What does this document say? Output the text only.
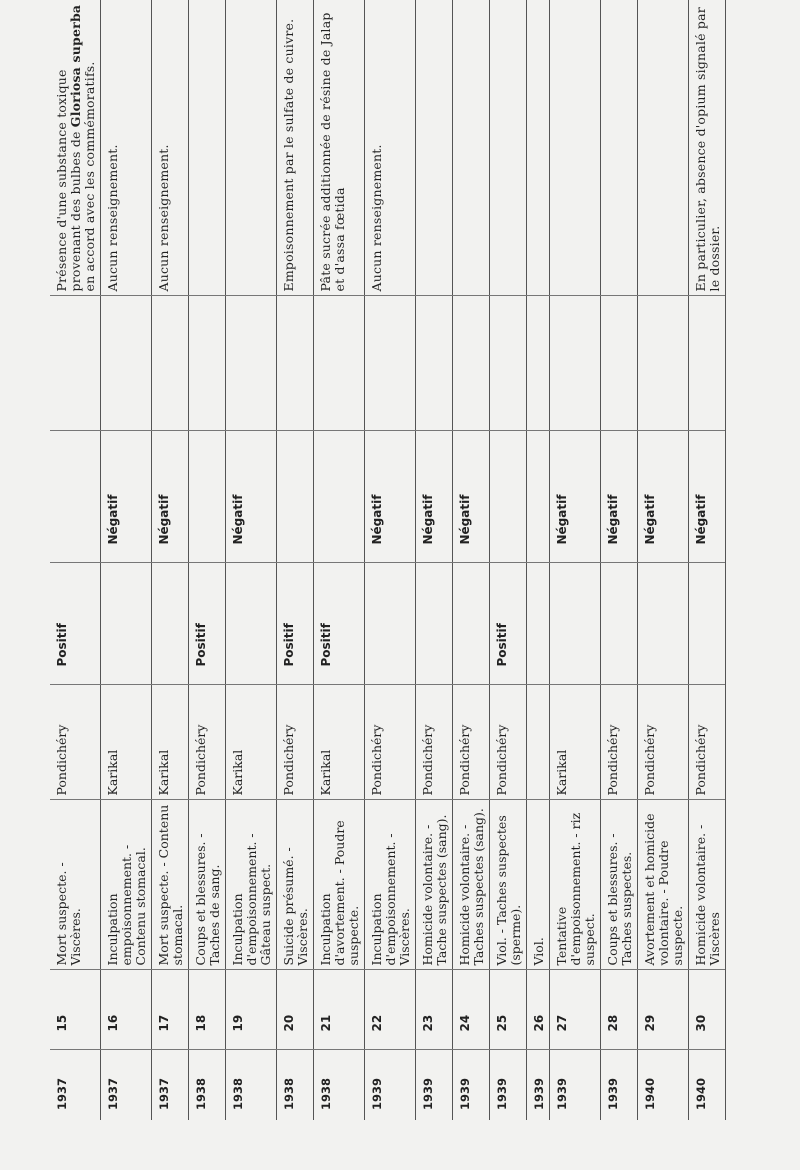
1937	15	Mort suspecte. - Viscères.	Pondichéry	Positif			Présence d'une substance toxique provenant des bulbes de Gloriosa superba en accord avec les commémoratifs.
1937	16	Inculpation empoisonnement. - Contenu stomacal.	Karikal		Négatif		Aucun renseignement.
1937	17	Mort suspecte. - Contenu stomacal.	Karikal		Négatif		Aucun renseignement.
1938	18	Coups et blessures. - Taches de sang.	Pondichéry	Positif			
1938	19	Inculpation d'empoisonnement. - Gâteau suspect.	Karikal		Négatif		
1938	20	Suicide présumé. - Viscères.	Pondichéry	Positif			Empoisonnement par le sulfate de cuivre.
1938	21	Inculpation d'avortement. - Poudre suspecte.	Karikal	Positif			Pâte sucrée additionnée de résine de Jalap et d'assa fœtida
1939	22	Inculpation d'empoisonnement. - Viscères.	Pondichéry		Négatif		Aucun renseignement.
1939	23	Homicide volontaire. - Tache suspectes (sang).	Pondichéry		Négatif		
1939	24	Homicide volontaire. - Taches suspectes (sang).	Pondichéry		Négatif		
1939	25	Viol. - Taches suspectes (sperme).	Pondichéry	Positif			
1939	26	Viol.					
1939	27	Tentative d'empoisonnement. - riz suspect.	Karikal		Négatif		
1939	28	Coups et blessures. - Taches suspectes.	Pondichéry		Négatif		
1940	29	Avortement et homicide volontaire. - Poudre suspecte.	Pondichéry		Négatif		
1940	30	Homicide volontaire. - Viscères	Pondichéry		Négatif		En particulier, absence d'opium signalé par le dossier.
